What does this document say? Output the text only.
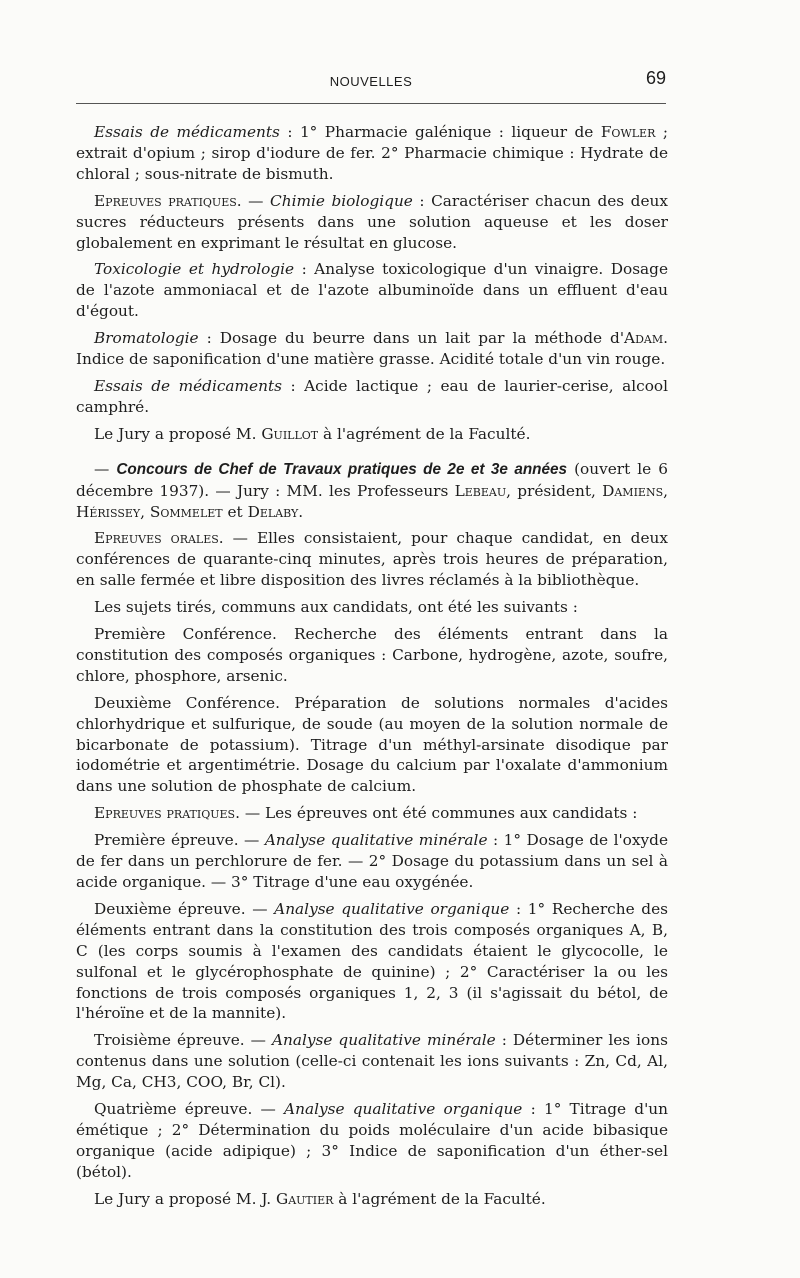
NOUVELLES	69

Essais de médicaments : 1° Pharmacie galénique : liqueur de Fowler ; extrait d'opium ; sirop d'iodure de fer. 2° Pharmacie chimique : Hydrate de chloral ; sous-nitrate de bismuth.

Epreuves pratiques. — Chimie biologique : Caractériser chacun des deux sucres réducteurs présents dans une solution aqueuse et les doser globalement en exprimant le résultat en glucose.

Toxicologie et hydrologie : Analyse toxicologique d'un vinaigre. Dosage de l'azote ammoniacal et de l'azote albuminoïde dans un effluent d'eau d'égout.

Bromatologie : Dosage du beurre dans un lait par la méthode d'Adam. Indice de saponification d'une matière grasse. Acidité totale d'un vin rouge.

Essais de médicaments : Acide lactique ; eau de laurier-cerise, alcool camphré.

Le Jury a proposé M. Guillot à l'agrément de la Faculté.

— Concours de Chef de Travaux pratiques de 2e et 3e années (ouvert le 6 décembre 1937). — Jury : MM. les Professeurs Lebeau, président, Damiens, Hérissey, Sommelet et Delaby.

Epreuves orales. — Elles consistaient, pour chaque candidat, en deux conférences de quarante-cinq minutes, après trois heures de préparation, en salle fermée et libre disposition des livres réclamés à la bibliothèque.

Les sujets tirés, communs aux candidats, ont été les suivants :

Première Conférence. Recherche des éléments entrant dans la constitution des composés organiques : Carbone, hydrogène, azote, soufre, chlore, phosphore, arsenic.

Deuxième Conférence. Préparation de solutions normales d'acides chlorhydrique et sulfurique, de soude (au moyen de la solution normale de bicarbonate de potassium). Titrage d'un méthyl-arsinate disodique par iodométrie et argentimétrie. Dosage du calcium par l'oxalate d'ammonium dans une solution de phosphate de calcium.

Epreuves pratiques. — Les épreuves ont été communes aux candidats :

Première épreuve. — Analyse qualitative minérale : 1° Dosage de l'oxyde de fer dans un perchlorure de fer. — 2° Dosage du potassium dans un sel à acide organique. — 3° Titrage d'une eau oxygénée.

Deuxième épreuve. — Analyse qualitative organique : 1° Recherche des éléments entrant dans la constitution des trois composés organiques A, B, C (les corps soumis à l'examen des candidats étaient le glycocolle, le sulfonal et le glycérophosphate de quinine) ; 2° Caractériser la ou les fonctions de trois composés organiques 1, 2, 3 (il s'agissait du bétol, de l'héroïne et de la mannite).

Troisième épreuve. — Analyse qualitative minérale : Déterminer les ions contenus dans une solution (celle-ci contenait les ions suivants : Zn, Cd, Al, Mg, Ca, CH3, COO, Br, Cl).

Quatrième épreuve. — Analyse qualitative organique : 1° Titrage d'un émétique ; 2° Détermination du poids moléculaire d'un acide bibasique organique (acide adipique) ; 3° Indice de saponification d'un éther-sel (bétol).

Le Jury a proposé M. J. Gautier à l'agrément de la Faculté.
